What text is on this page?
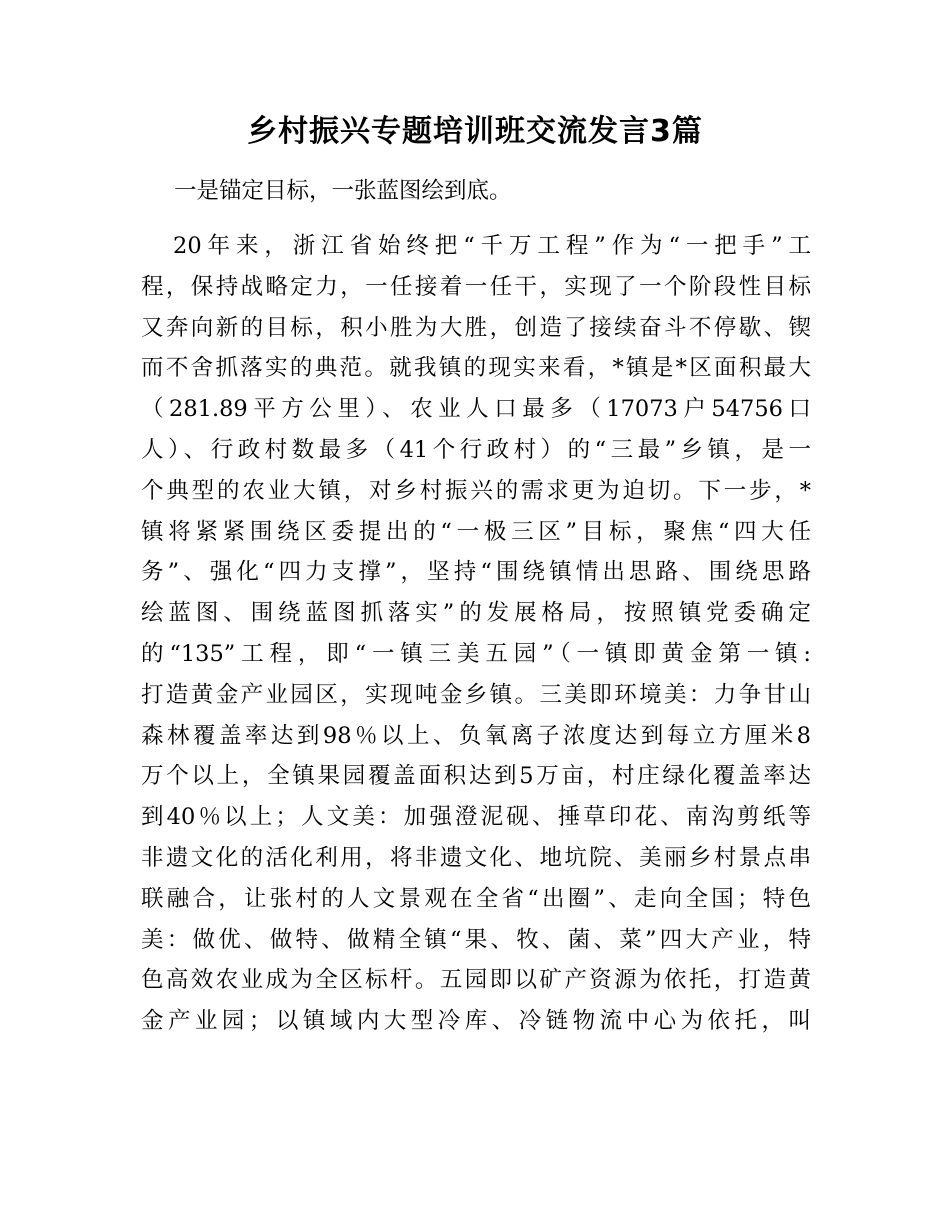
乡村振兴专题培训班交流发言3篇

一是锚定目标，一张蓝图绘到底。

20年来，浙江省始终把“千万工程”作为“一把手”工
程，保持战略定力，一任接着一任干，实现了一个阶段性目标
又奔向新的目标，积小胜为大胜，创造了接续奋斗不停歇、锲
而不舍抓落实的典范。就我镇的现实来看，*镇是*区面积最大
（281.89平方公里）、农业人口最多（17073户54756口
人）、行政村数最多（41个行政村）的“三最”乡镇，是一
个典型的农业大镇，对乡村振兴的需求更为迫切。下一步，*
镇将紧紧围绕区委提出的“一极三区”目标，聚焦“四大任
务”、强化“四力支撑”，坚持“围绕镇情出思路、围绕思路
绘蓝图、围绕蓝图抓落实”的发展格局，按照镇党委确定
的“135”工程，即“一镇三美五园”（一镇即黄金第一镇:
打造黄金产业园区，实现吨金乡镇。三美即环境美：力争甘山
森林覆盖率达到98％以上、负氧离子浓度达到每立方厘米8
万个以上，全镇果园覆盖面积达到5万亩，村庄绿化覆盖率达
到40％以上；人文美：加强澄泥砚、捶草印花、南沟剪纸等
非遗文化的活化利用，将非遗文化、地坑院、美丽乡村景点串
联融合，让张村的人文景观在全省“出圈”、走向全国；特色
美：做优、做特、做精全镇“果、牧、菌、菜”四大产业，特
色高效农业成为全区标杆。五园即以矿产资源为依托，打造黄
金产业园；以镇域内大型冷库、冷链物流中心为依托，叫
